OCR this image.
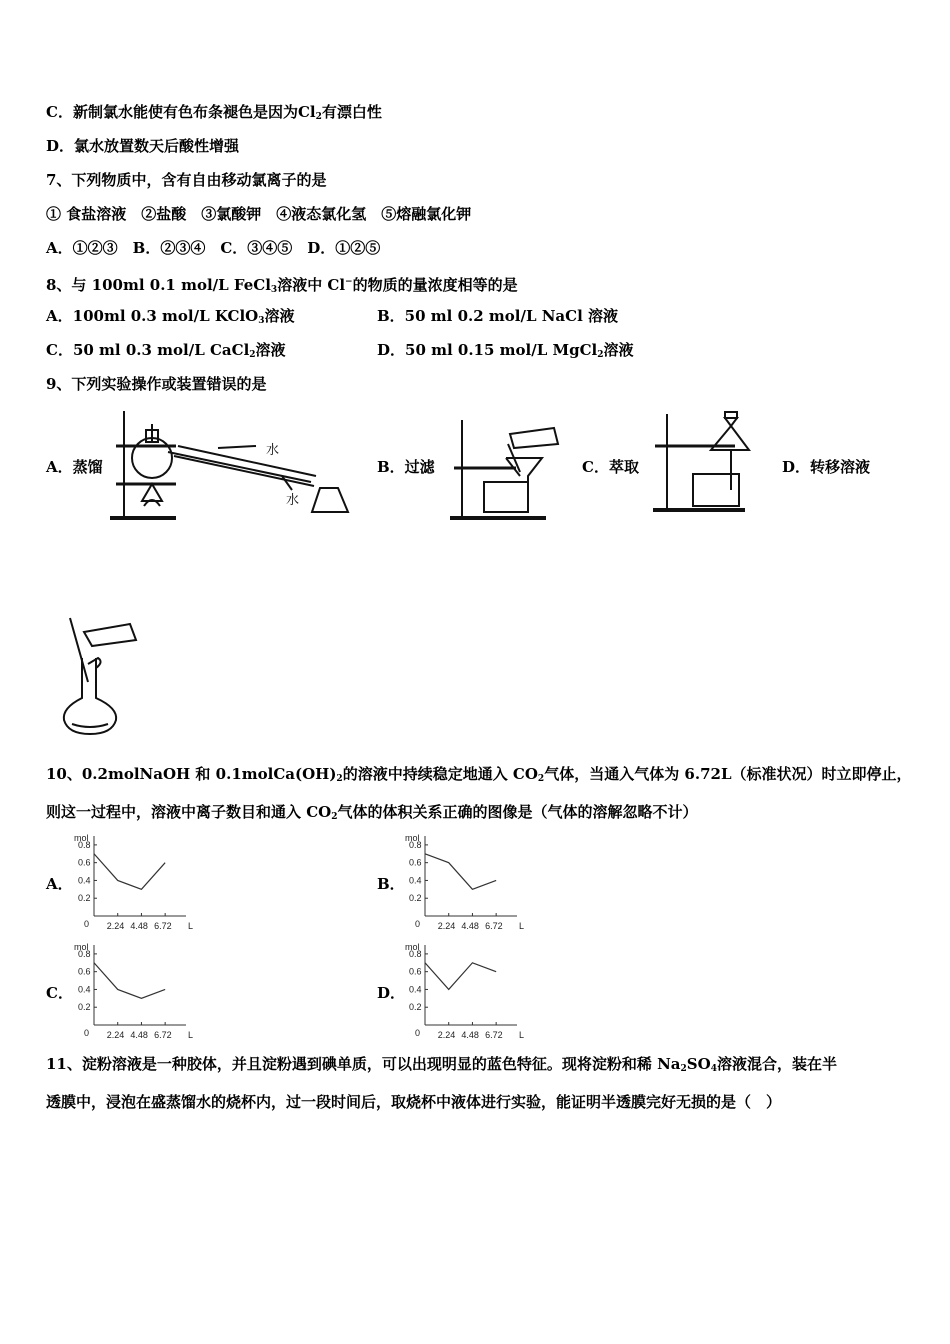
C．新制氯水能使有色布条褪色是因为$Cl_2$有漂白性
D．氯水放置数天后酸性增强
7、下列物质中，含有自由移动氯离子的是
① 食盐溶液　②盐酸　③氯酸钾　④液态氯化氢　⑤熔融氯化钾
A．①②③　B．②③④　C．③④⑤　D．①②⑤
8、与 100ml 0.1 mol/L FeCl$_3$溶液中 Cl−的物质的量浓度相等的是
A．100ml 0.3 mol/L KClO$_3$溶液	B．50 ml 0.2 mol/L NaCl 溶液
C．50 ml 0.3 mol/L CaCl$_2$溶液	D．50 ml 0.15 mol/L MgCl$_2$溶液
9、下列实验操作或装置错误的是
A．蒸馏
水
水
B．过滤	C．萃取	D．转移溶液
10、0.2molNaOH 和 $0.1molCa(OH)_2$的溶液中持续稳定地通入 $CO_2$气体，当通入气体为 6.72L（标准状况）时立即停止，
则这一过程中，溶液中离子数目和通入 $CO_2$气体的体积关系正确的图像是（气体的溶解忽略不计）
A．
mol
L
0
0.8
0.6
0.4
0.2
2.24 4.48 6.72
B．
mol
L
0
0.8
0.6
0.4
0.2
2.24 4.48 6.72
C．
mol
L
0
0.8
0.6
0.4
0.2
2.24 4.48 6.72
D．
mol
L
0
0.8
0.6
0.4
0.2
2.24 4.48 6.72
11、淀粉溶液是一种胶体，并且淀粉遇到碘单质，可以出现明显的蓝色特征。现将淀粉和稀 $Na_2SO_4$溶液混合，装在半
透膜中，浸泡在盛蒸馏水的烧杯内，过一段时间后，取烧杯中液体进行实验，能证明半透膜完好无损的是（　）
